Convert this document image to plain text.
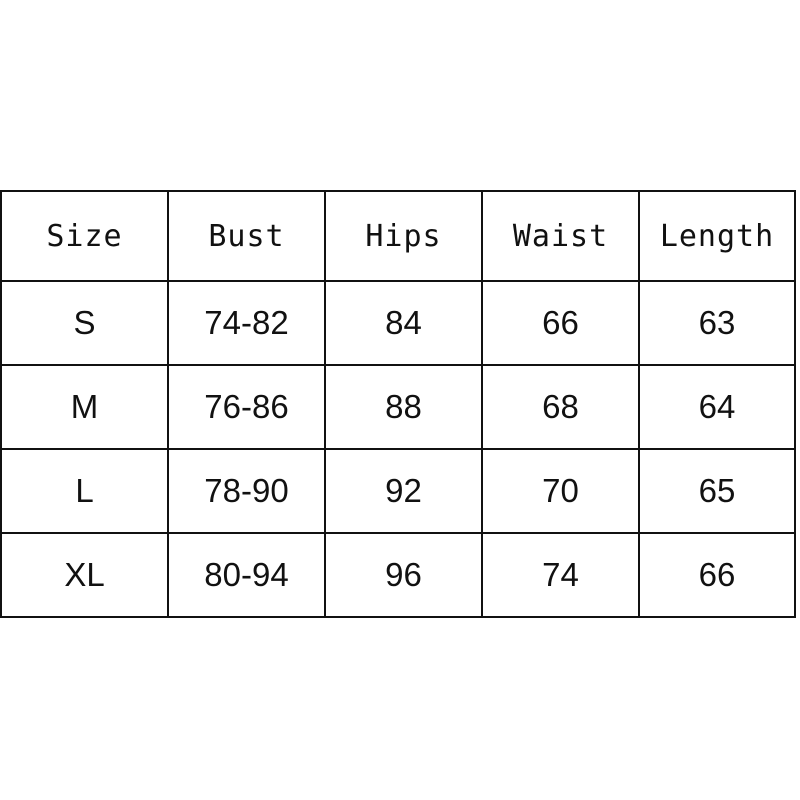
Size	Bust	Hips	Waist	Length
S	74-82	84	66	63
M	76-86	88	68	64
L	78-90	92	70	65
XL	80-94	96	74	66
